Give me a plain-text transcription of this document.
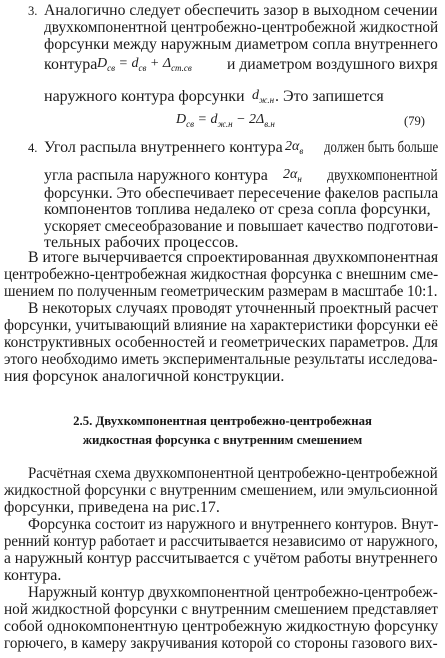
3. Аналогично следует обеспечить зазор в выходном сечении
двухкомпонентной центробежно-центробежной жидкостной
форсунки между наружным диаметром сопла внутреннего
контура $D_{св} = d_{св} + \Delta_{ст.св}$ и диаметром воздушного вихря
наружного контура форсунки $d_{ж.н}$ . Это запишется
$D_{св} = d_{ж.н} - 2\Delta_{в.н}$	(79)
4. Угол распыла внутреннего контура $2\alpha_в$ должен быть больше
угла распыла наружного контура $2\alpha_н$ двухкомпонентной
форсунки. Это обеспечивает пересечение факелов распыла
компонентов топлива недалеко от среза сопла форсунки,
ускоряет смесеобразование и повышает качество подготови-
тельных рабочих процессов.
В итоге вычерчивается спроектированная двухкомпонентная
центробежно-центробежная жидкостная форсунка с внешним сме-
шением по полученным геометрическим размерам в масштабе 10:1.
В некоторых случаях проводят уточненный проектный расчет
форсунки, учитывающий влияние на характеристики форсунки её
конструктивных особенностей и геометрических параметров. Для
этого необходимо иметь экспериментальные результаты исследова-
ния форсунок аналогичной конструкции.
2.5. Двухкомпонентная центробежно-центробежная
жидкостная форсунка с внутренним смешением
Расчётная схема двухкомпонентной центробежно-центробежной
жидкостной форсунки с внутренним смешением, или эмульсионной
форсунки, приведена на рис.17.
Форсунка состоит из наружного и внутреннего контуров. Внут-
ренний контур работает и рассчитывается независимо от наружного,
а наружный контур рассчитывается с учётом работы внутреннего
контура.
Наружный контур двухкомпонентной центробежно-центробеж-
ной жидкостной форсунки с внутренним смешением представляет
собой однокомпонентную центробежную жидкостную форсунку
горючего, в камеру закручивания которой со стороны газового вих-
